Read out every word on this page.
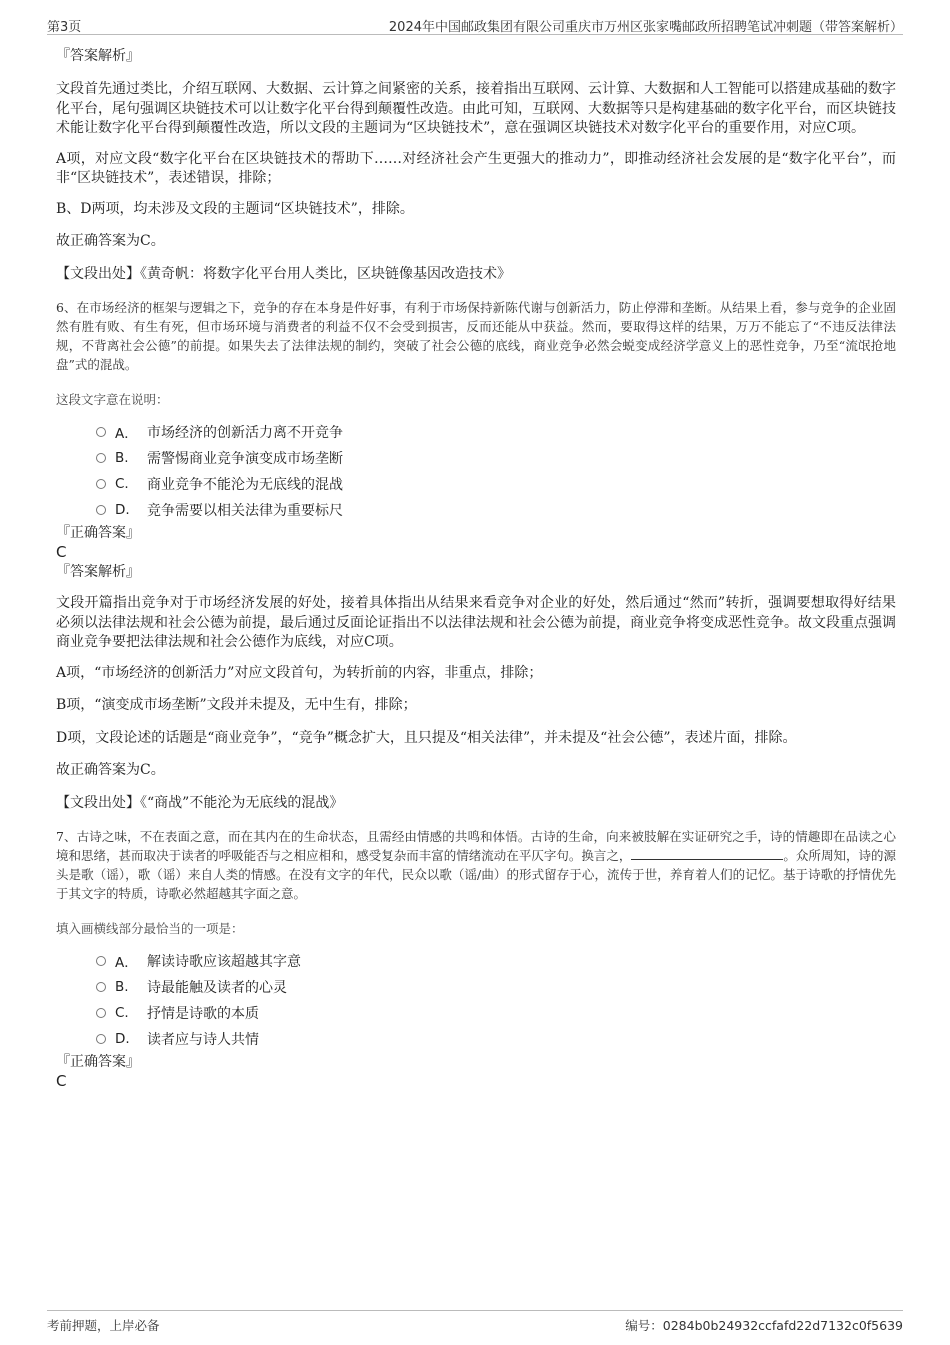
第3页	2024年中国邮政集团有限公司重庆市万州区张家嘴邮政所招聘笔试冲刺题（带答案解析）

『答案解析』

文段首先通过类比，介绍互联网、大数据、云计算之间紧密的关系，接着指出互联网、云计算、大数据和人工智能可以搭建成基础的数字化平台，尾句强调区块链技术可以让数字化平台得到颠覆性改造。由此可知，互联网、大数据等只是构建基础的数字化平台，而区块链技术能让数字化平台得到颠覆性改造，所以文段的主题词为“区块链技术”，意在强调区块链技术对数字化平台的重要作用，对应C项。

A项，对应文段“数字化平台在区块链技术的帮助下……对经济社会产生更强大的推动力”，即推动经济社会发展的是“数字化平台”，而非“区块链技术”，表述错误，排除；

B、D两项，均未涉及文段的主题词“区块链技术”，排除。

故正确答案为C。

【文段出处】《黄奇帆：将数字化平台用人类比，区块链像基因改造技术》

6、在市场经济的框架与逻辑之下，竞争的存在本身是件好事，有利于市场保持新陈代谢与创新活力，防止停滞和垄断。从结果上看，参与竞争的企业固然有胜有败、有生有死，但市场环境与消费者的利益不仅不会受到损害，反而还能从中获益。然而，要取得这样的结果，万万不能忘了“不违反法律法规，不背离社会公德”的前提。如果失去了法律法规的制约，突破了社会公德的底线，商业竞争必然会蜕变成经济学意义上的恶性竞争，乃至“流氓抢地盘”式的混战。

这段文字意在说明：

A． 市场经济的创新活力离不开竞争
B.	需警惕商业竞争演变成市场垄断
C.	商业竞争不能沦为无底线的混战
D.	竞争需要以相关法律为重要标尺

『正确答案』

C

『答案解析』

文段开篇指出竞争对于市场经济发展的好处，接着具体指出从结果来看竞争对企业的好处，然后通过“然而”转折，强调要想取得好结果必须以法律法规和社会公德为前提，最后通过反面论证指出不以法律法规和社会公德为前提，商业竞争将变成恶性竞争。故文段重点强调商业竞争要把法律法规和社会公德作为底线，对应C项。

A项，“市场经济的创新活力”对应文段首句，为转折前的内容，非重点，排除；

B项，“演变成市场垄断”文段并未提及，无中生有，排除；

D项，文段论述的话题是“商业竞争”，“竞争”概念扩大，且只提及“相关法律”，并未提及“社会公德”，表述片面，排除。

故正确答案为C。

【文段出处】《“商战”不能沦为无底线的混战》

7、古诗之味，不在表面之意，而在其内在的生命状态，且需经由情感的共鸣和体悟。古诗的生命，向来被肢解在实证研究之手，诗的情趣即在品读之心境和思绪，甚而取决于读者的呼吸能否与之相应相和，感受复杂而丰富的情绪流动在平仄字句。换言之，	。众所周知，诗的源头是歌（谣），歌（谣）来自人类的情感。在没有文字的年代，民众以歌（谣/曲）的形式留存于心，流传于世，养育着人们的记忆。基于诗歌的抒情优先于其文字的特质，诗歌必然超越其字面之意。

填入画横线部分最恰当的一项是：

A． 解读诗歌应该超越其字意
B.	诗最能触及读者的心灵
C.	抒情是诗歌的本质
D.	读者应与诗人共情

『正确答案』

C

考前押题，上岸必备	编号：0284b0b24932ccfafd22d7132c0f5639
